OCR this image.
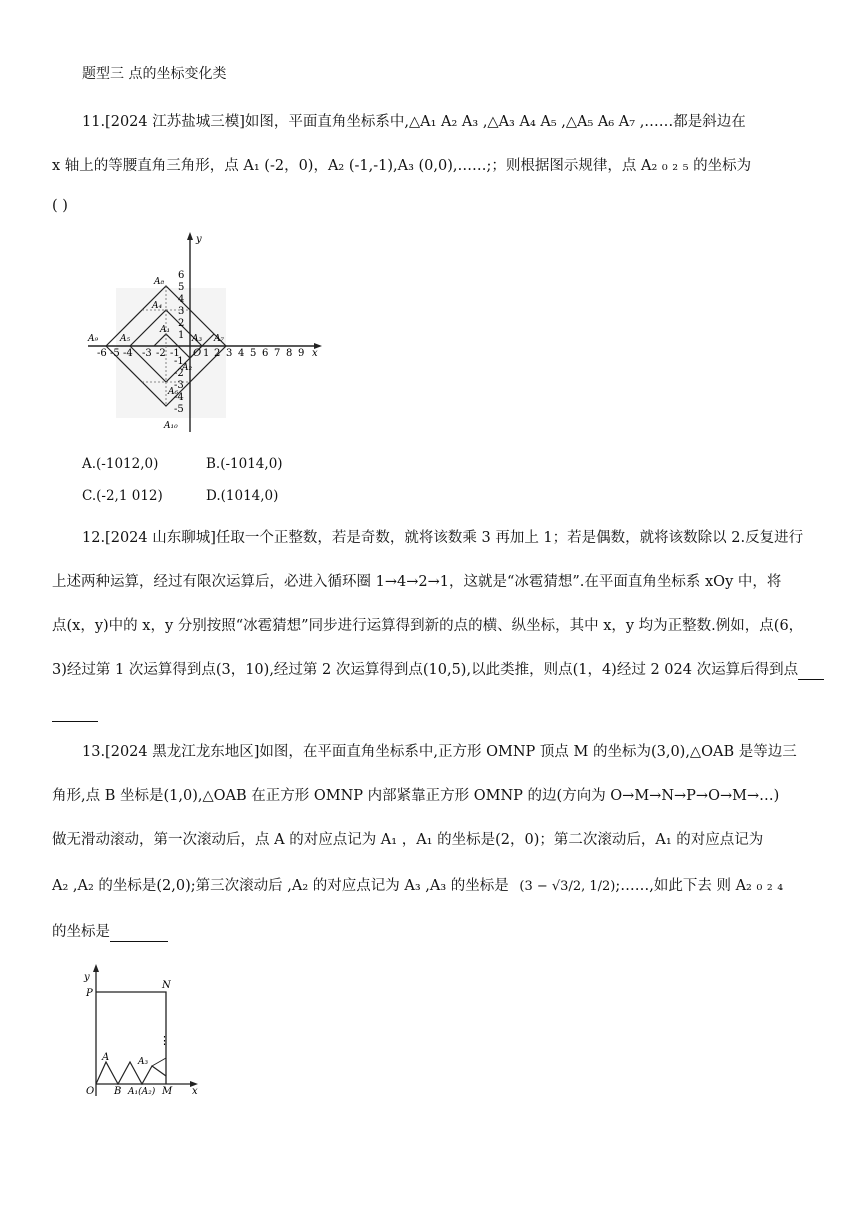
题型三 点的坐标变化类
11.[2024 江苏盐城三模]如图，平面直角坐标系中,△A₁ A₂ A₃ ,△A₃ A₄ A₅ ,△A₅ A₆ A₇ ,……都是斜边在
x 轴上的等腰直角三角形，点 A₁ (-2，0)，A₂ (-1,-1),A₃ (0,0),……;；则根据图示规律，点 A₂ ₀ ₂ ₅ 的坐标为
( )
x
y
-6 -5 -4 -3 -2 -1 O 1 2 3 4 5 6 7 8 9
1
2
3
4
5
6
-1
-2
-3
-4
-5
A₁
A₂
A₃
A₄
A₅
A₆
A₇
A₈
A₉
A₁₀
A.(-1012,0)	B.(-1014,0)
C.(-2,1 012)	D.(1014,0)
12.[2024 山东聊城]任取一个正整数，若是奇数，就将该数乘 3 再加上 1；若是偶数，就将该数除以 2.反复进行
上述两种运算，经过有限次运算后，必进入循环圈 1→4→2→1，这就是“冰雹猜想”.在平面直角坐标系 xOy 中，将
点(x，y)中的 x，y 分别按照“冰雹猜想”同步进行运算得到新的点的横、纵坐标，其中 x，y 均为正整数.例如，点(6，
3)经过第 1 次运算得到点(3，10),经过第 2 次运算得到点(10,5),以此类推，则点(1，4)经过 2 024 次运算后得到点
13.[2024 黑龙江龙东地区]如图，在平面直角坐标系中,正方形 OMNP 顶点 M 的坐标为(3,0),△OAB 是等边三
角形,点 B 坐标是(1,0),△OAB 在正方形 OMNP 内部紧靠正方形 OMNP 的边(方向为 O→M→N→P→O→M→…)
做无滑动滚动，第一次滚动后，点 A 的对应点记为 A₁ ，A₁ 的坐标是(2，0)；第二次滚动后，A₁ 的对应点记为
A₂ ,A₂ 的坐标是(2,0);第三次滚动后 ,A₂ 的对应点记为 A₃ ,A₃ 的坐标是 (3 − √3/2, 1/2);……,如此下去 则 A₂ ₀ ₂ ₄
的坐标是
y
x
P
N
O B
A
A₁(A₂) M
A₃
⋮
